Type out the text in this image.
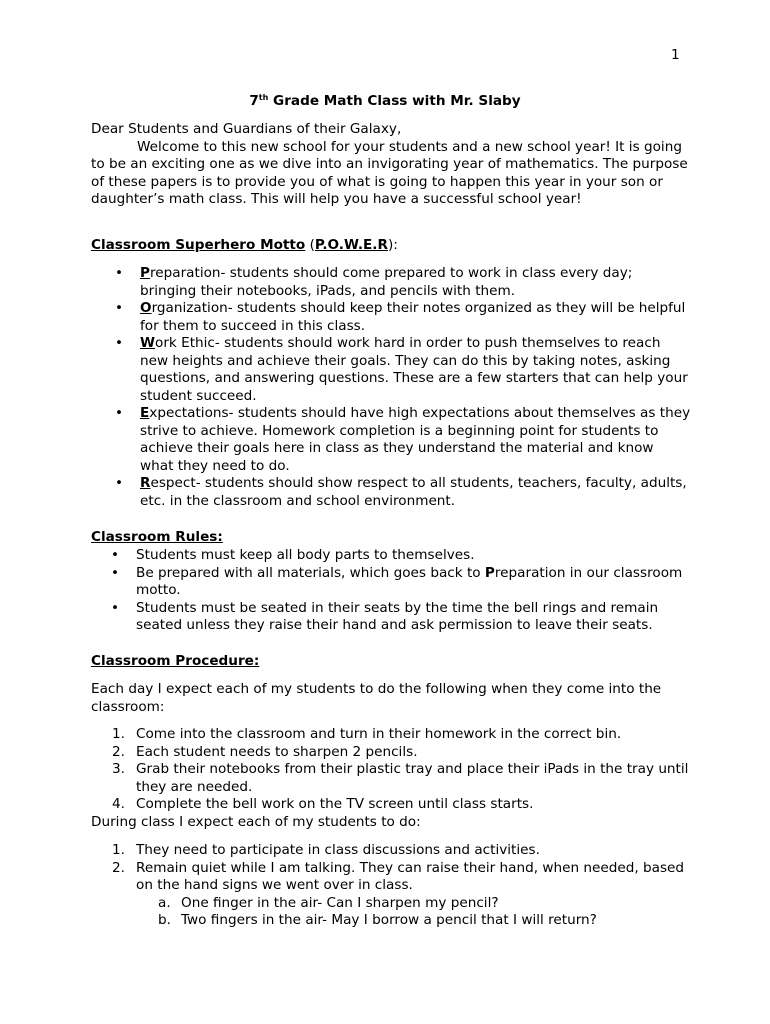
1
7th Grade Math Class with Mr. Slaby
Dear Students and Guardians of their Galaxy,
Welcome to this new school for your students and a new school year! It is going to be an exciting one as we dive into an invigorating year of mathematics. The purpose of these papers is to provide you of what is going to happen this year in your son or daughter’s math class. This will help you have a successful school year!
Classroom Superhero Motto (P.O.W.E.R):
• Preparation- students should come prepared to work in class every day; bringing their notebooks, iPads, and pencils with them.
• Organization- students should keep their notes organized as they will be helpful for them to succeed in this class.
• Work Ethic- students should work hard in order to push themselves to reach new heights and achieve their goals. They can do this by taking notes, asking questions, and answering questions. These are a few starters that can help your student succeed.
• Expectations- students should have high expectations about themselves as they strive to achieve. Homework completion is a beginning point for students to achieve their goals here in class as they understand the material and know what they need to do.
• Respect- students should show respect to all students, teachers, faculty, adults, etc. in the classroom and school environment.
Classroom Rules:
• Students must keep all body parts to themselves.
• Be prepared with all materials, which goes back to Preparation in our classroom motto.
• Students must be seated in their seats by the time the bell rings and remain seated unless they raise their hand and ask permission to leave their seats.
Classroom Procedure:
Each day I expect each of my students to do the following when they come into the classroom:
1. Come into the classroom and turn in their homework in the correct bin.
2. Each student needs to sharpen 2 pencils.
3. Grab their notebooks from their plastic tray and place their iPads in the tray until they are needed.
4. Complete the bell work on the TV screen until class starts.
During class I expect each of my students to do:
1. They need to participate in class discussions and activities.
2. Remain quiet while I am talking. They can raise their hand, when needed, based on the hand signs we went over in class.
a. One finger in the air- Can I sharpen my pencil?
b. Two fingers in the air- May I borrow a pencil that I will return?
